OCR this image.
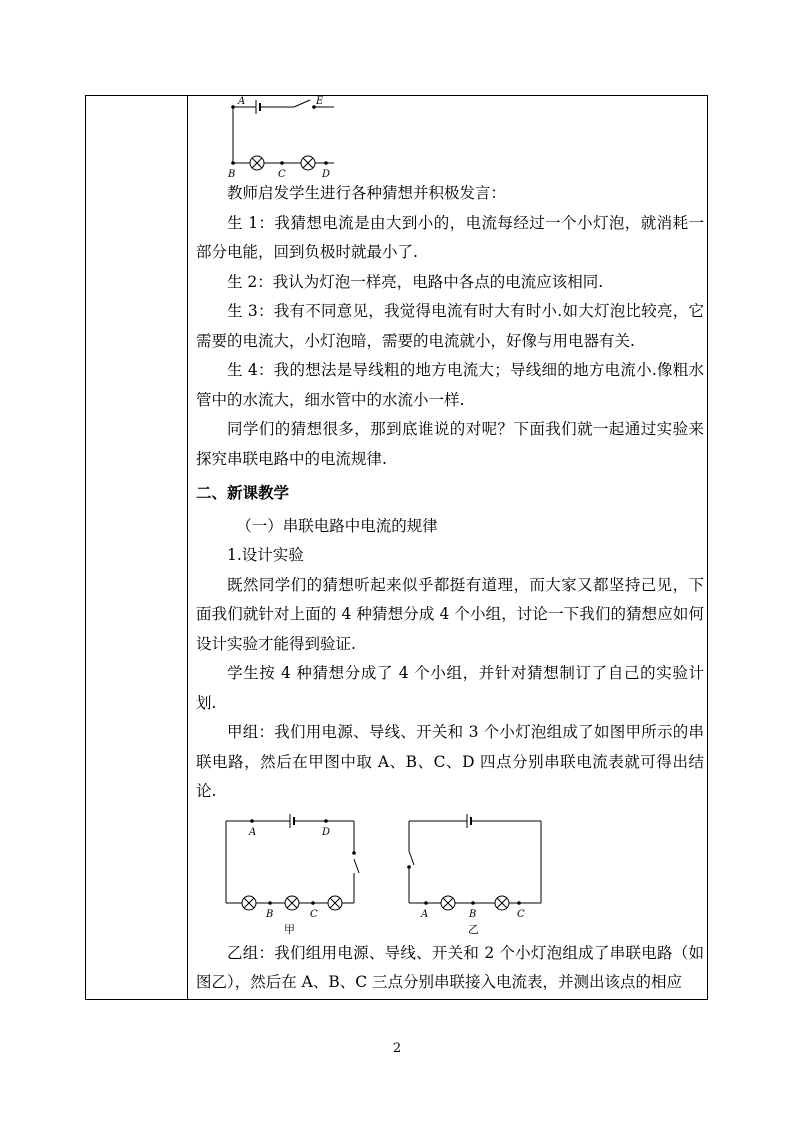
A	E
B	C	D

教师启发学生进行各种猜想并积极发言：

生 1：我猜想电流是由大到小的，电流每经过一个小灯泡，就消耗一部分电能，回到负极时就最小了.

生 2：我认为灯泡一样亮，电路中各点的电流应该相同.

生 3：我有不同意见，我觉得电流有时大有时小.如大灯泡比较亮，它需要的电流大，小灯泡暗，需要的电流就小，好像与用电器有关.

生 4：我的想法是导线粗的地方电流大；导线细的地方电流小.像粗水管中的水流大，细水管中的水流小一样.

同学们的猜想很多，那到底谁说的对呢？下面我们就一起通过实验来探究串联电路中的电流规律.

二、新课教学

（一）串联电路中电流的规律

1.设计实验

既然同学们的猜想听起来似乎都挺有道理，而大家又都坚持己见，下面我们就针对上面的 4 种猜想分成 4 个小组，讨论一下我们的猜想应如何设计实验才能得到验证.

学生按 4 种猜想分成了 4 个小组，并针对猜想制订了自己的实验计划.

甲组：我们用电源、导线、开关和 3 个小灯泡组成了如图甲所示的串联电路，然后在甲图中取 A、B、C、D 四点分别串联电流表就可得出结论.

A	D
B	C
甲
A	B	C
乙

乙组：我们组用电源、导线、开关和 2 个小灯泡组成了串联电路（如图乙），然后在 A、B、C 三点分别串联接入电流表，并测出该点的相应

2
